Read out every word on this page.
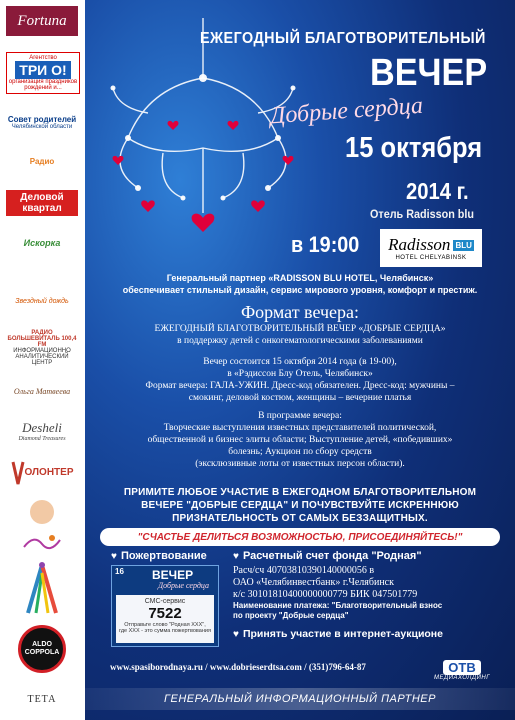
Fortuna
Агентство
ТРИ О!
организация праздников рождений и...
Совет родителей
Челябинской области
Радио
Деловой
квартал
Искорка
Звездный дождь
РАДИО БОЛЬШЕВИТАЛЬ 100,4 FM
ИНФОРМАЦИОННО АНАЛИТИЧЕСКИЙ ЦЕНТР
Ольга Матвеева
Desheli
Diamond Treasures
ОЛОНТЕР
ALDO COPPOLA
ТЕТА
ЕЖЕГОДНЫЙ БЛАГОТВОРИТЕЛЬНЫЙ
ВЕЧЕР
Добрые сердца
15 октября
2014 г.
Отель Radisson blu
в 19:00 Radisson BLU
HOTEL CHELYABINSK
Генеральный партнер «RADISSON BLU HOTEL, Челябинск»
обеспечивает стильный дизайн, сервис мирового уровня, комфорт и престиж.
Формат вечера:
ЕЖЕГОДНЫЙ БЛАГОТВОРИТЕЛЬНЫЙ ВЕЧЕР «ДОБРЫЕ СЕРДЦА»
в поддержку детей с онкогематологическими заболеваниями
Вечер состоится 15 октября 2014 года (в 19-00),
в «Рэдиссон Блу Отель, Челябинск»
Формат вечера: ГАЛА-УЖИН. Дресс-код обязателен. Дресс-код: мужчины –
смокинг, деловой костюм, женщины – вечерние платья
В программе вечера:
Творческие выступления известных представителей политической,
общественной и бизнес элиты области; Выступление детей, «победивших»
болезнь; Аукцион по сбору средств
(эксклюзивные лоты от известных персон области).
ПРИМИТЕ ЛЮБОЕ УЧАСТИЕ В ЕЖЕГОДНОМ БЛАГОТВОРИТЕЛЬНОМ
ВЕЧЕРЕ "ДОБРЫЕ СЕРДЦА" И ПОЧУВСТВУЙТЕ ИСКРЕННЮЮ
ПРИЗНАТЕЛЬНОСТЬ ОТ САМЫХ БЕЗЗАЩИТНЫХ.
"СЧАСТЬЕ ДЕЛИТЬСЯ ВОЗМОЖНОСТЬЮ, ПРИСОЕДИНЯЙТЕСЬ!"
♥ Пожертвование
16 ВЕЧЕР
Добрые сердца
СМС-сервис
7522
Отправьте слово "Родная ХХХ",
где ХХХ - это сумма пожертвования
♥ Расчетный счет фонда "Родная"
Расч/сч 40703810390140000056 в
ОАО «Челябинвестбанк» г.Челябинск
к/с 30101810400000000779 БИК 047501779
Наименование платежа: "Благотворительный взнос
по проекту "Добрые сердца"
♥ Принять участие в интернет-аукционе
www.spasiborodnaya.ru / www.dobrieserdtsa.com / (351)796-64-87	ОТВ
МЕДИАХОЛДИНГ
ГЕНЕРАЛЬНЫЙ ИНФОРМАЦИОННЫЙ ПАРТНЕР
